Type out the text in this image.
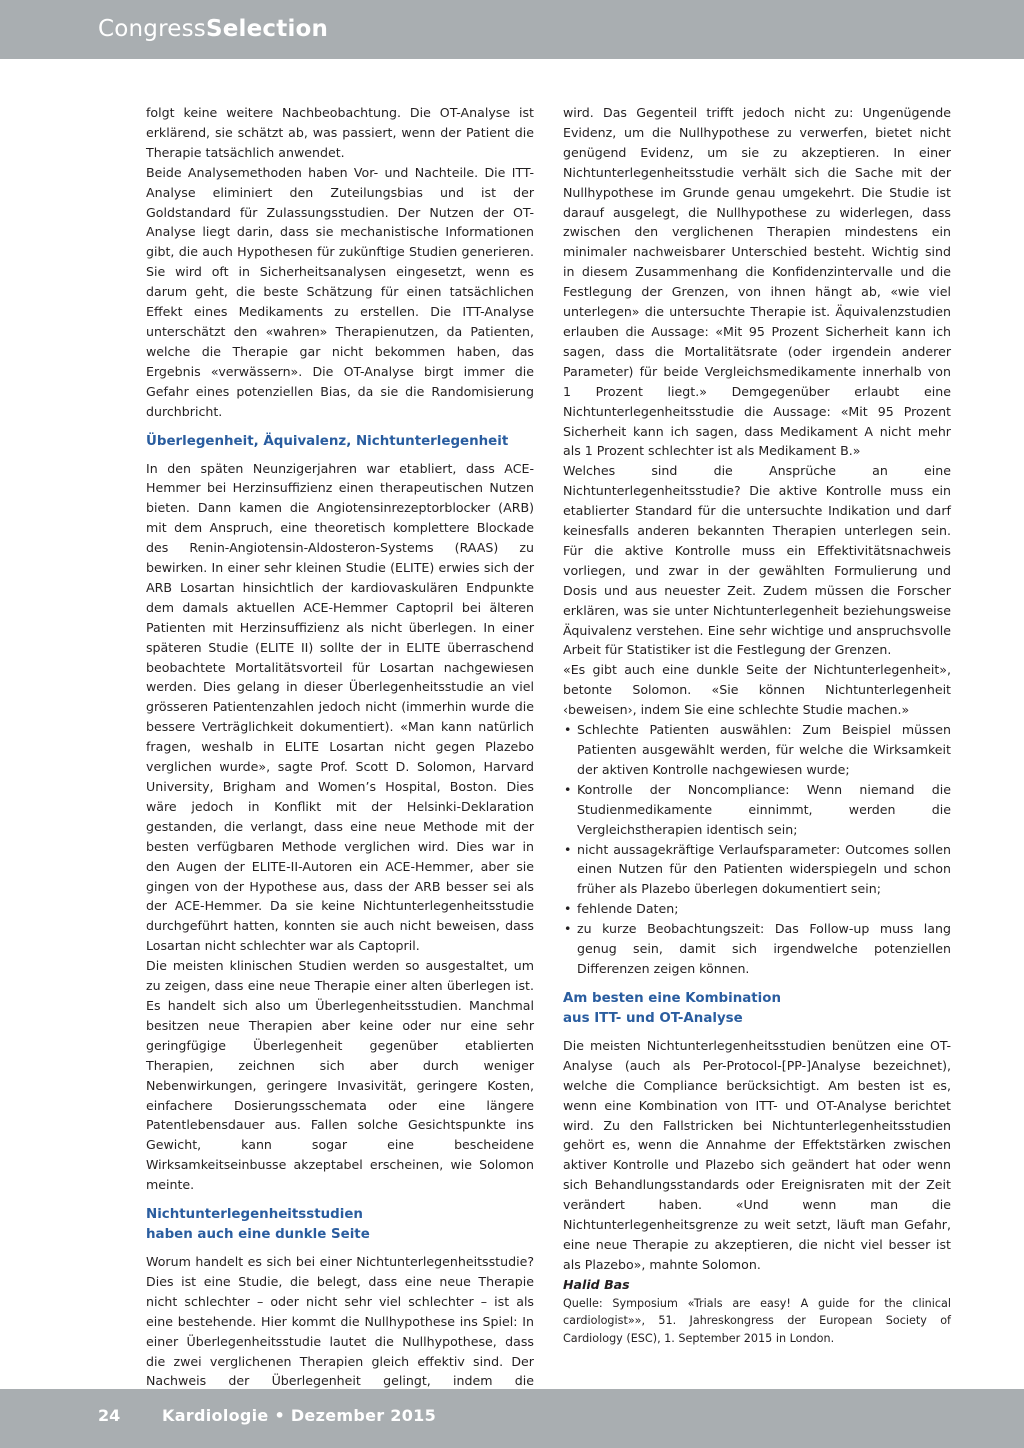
CongressSelection

folgt keine weitere Nachbeobachtung. Die OT-Analyse ist erklärend, sie schätzt ab, was passiert, wenn der Patient die Therapie tatsächlich anwendet.

Beide Analysemethoden haben Vor- und Nachteile. Die ITT-Analyse eliminiert den Zuteilungsbias und ist der Goldstandard für Zulassungsstudien. Der Nutzen der OT-Analyse liegt darin, dass sie mechanistische Informationen gibt, die auch Hypothesen für zukünftige Studien generieren. Sie wird oft in Sicherheitsanalysen eingesetzt, wenn es darum geht, die beste Schätzung für einen tatsächlichen Effekt eines Medikaments zu erstellen. Die ITT-Analyse unterschätzt den «wahren» Therapienutzen, da Patienten, welche die Therapie gar nicht bekommen haben, das Ergebnis «verwässern». Die OT-Analyse birgt immer die Gefahr eines potenziellen Bias, da sie die Randomisierung durchbricht.

Überlegenheit, Äquivalenz, Nichtunterlegenheit

In den späten Neunzigerjahren war etabliert, dass ACE-Hemmer bei Herzinsuffizienz einen therapeutischen Nutzen bieten. Dann kamen die Angiotensinrezeptorblocker (ARB) mit dem Anspruch, eine theoretisch komplettere Blockade des Renin-Angiotensin-Aldosteron-Systems (RAAS) zu bewirken. In einer sehr kleinen Studie (ELITE) erwies sich der ARB Losartan hinsichtlich der kardiovaskulären Endpunkte dem damals aktuellen ACE-Hemmer Captopril bei älteren Patienten mit Herzinsuffizienz als nicht überlegen. In einer späteren Studie (ELITE II) sollte der in ELITE überraschend beobachtete Mortalitätsvorteil für Losartan nachgewiesen werden. Dies gelang in dieser Überlegenheitsstudie an viel grösseren Patientenzahlen jedoch nicht (immerhin wurde die bessere Verträglichkeit dokumentiert). «Man kann natürlich fragen, weshalb in ELITE Losartan nicht gegen Plazebo verglichen wurde», sagte Prof. Scott D. Solomon, Harvard University, Brigham and Women’s Hospital, Boston. Dies wäre jedoch in Konflikt mit der Helsinki-Deklaration gestanden, die verlangt, dass eine neue Methode mit der besten verfügbaren Methode verglichen wird. Dies war in den Augen der ELITE-II-Autoren ein ACE-Hemmer, aber sie gingen von der Hypothese aus, dass der ARB besser sei als der ACE-Hemmer. Da sie keine Nichtunterlegenheitsstudie durchgeführt hatten, konnten sie auch nicht beweisen, dass Losartan nicht schlechter war als Captopril.

Die meisten klinischen Studien werden so ausgestaltet, um zu zeigen, dass eine neue Therapie einer alten überlegen ist. Es handelt sich also um Überlegenheitsstudien. Manchmal besitzen neue Therapien aber keine oder nur eine sehr geringfügige Überlegenheit gegenüber etablierten Therapien, zeichnen sich aber durch weniger Nebenwirkungen, geringere Invasivität, geringere Kosten, einfachere Dosierungsschemata oder eine längere Patentlebensdauer aus. Fallen solche Gesichtspunkte ins Gewicht, kann sogar eine bescheidene Wirksamkeitseinbusse akzeptabel erscheinen, wie Solomon meinte.

Nichtunterlegenheitsstudien
haben auch eine dunkle Seite

Worum handelt es sich bei einer Nichtunterlegenheitsstudie? Dies ist eine Studie, die belegt, dass eine neue Therapie nicht schlechter – oder nicht sehr viel schlechter – ist als eine bestehende. Hier kommt die Nullhypothese ins Spiel: In einer Überlegenheitsstudie lautet die Nullhypothese, dass die zwei verglichenen Therapien gleich effektiv sind. Der Nachweis der Überlegenheit gelingt, indem die

wird. Das Gegenteil trifft jedoch nicht zu: Ungenügende Evidenz, um die Nullhypothese zu verwerfen, bietet nicht genügend Evidenz, um sie zu akzeptieren. In einer Nichtunterlegenheitsstudie verhält sich die Sache mit der Nullhypothese im Grunde genau umgekehrt. Die Studie ist darauf ausgelegt, die Nullhypothese zu widerlegen, dass zwischen den verglichenen Therapien mindestens ein minimaler nachweisbarer Unterschied besteht. Wichtig sind in diesem Zusammenhang die Konfidenzintervalle und die Festlegung der Grenzen, von ihnen hängt ab, «wie viel unterlegen» die untersuchte Therapie ist. Äquivalenzstudien erlauben die Aussage: «Mit 95 Prozent Sicherheit kann ich sagen, dass die Mortalitätsrate (oder irgendein anderer Parameter) für beide Vergleichsmedikamente innerhalb von 1 Prozent liegt.» Demgegenüber erlaubt eine Nichtunterlegenheitsstudie die Aussage: «Mit 95 Prozent Sicherheit kann ich sagen, dass Medikament A nicht mehr als 1 Prozent schlechter ist als Medikament B.»

Welches sind die Ansprüche an eine Nichtunterlegenheitsstudie? Die aktive Kontrolle muss ein etablierter Standard für die untersuchte Indikation und darf keinesfalls anderen bekannten Therapien unterlegen sein. Für die aktive Kontrolle muss ein Effektivitätsnachweis vorliegen, und zwar in der gewählten Formulierung und Dosis und aus neuester Zeit. Zudem müssen die Forscher erklären, was sie unter Nichtunterlegenheit beziehungsweise Äquivalenz verstehen. Eine sehr wichtige und anspruchsvolle Arbeit für Statistiker ist die Festlegung der Grenzen.

«Es gibt auch eine dunkle Seite der Nichtunterlegenheit», betonte Solomon. «Sie können Nichtunterlegenheit ‹beweisen›, indem Sie eine schlechte Studie machen.»

• Schlechte Patienten auswählen: Zum Beispiel müssen Patienten ausgewählt werden, für welche die Wirksamkeit der aktiven Kontrolle nachgewiesen wurde;
• Kontrolle der Noncompliance: Wenn niemand die Studienmedikamente einnimmt, werden die Vergleichstherapien identisch sein;
• nicht aussagekräftige Verlaufsparameter: Outcomes sollen einen Nutzen für den Patienten widerspiegeln und schon früher als Plazebo überlegen dokumentiert sein;
• fehlende Daten;
• zu kurze Beobachtungszeit: Das Follow-up muss lang genug sein, damit sich irgendwelche potenziellen Differenzen zeigen können.
Am besten eine Kombination
aus ITT- und OT-Analyse

Die meisten Nichtunterlegenheitsstudien benützen eine OT-Analyse (auch als Per-Protocol-[PP-]Analyse bezeichnet), welche die Compliance berücksichtigt. Am besten ist es, wenn eine Kombination von ITT- und OT-Analyse berichtet wird. Zu den Fallstricken bei Nichtunterlegenheitsstudien gehört es, wenn die Annahme der Effektstärken zwischen aktiver Kontrolle und Plazebo sich geändert hat oder wenn sich Behandlungsstandards oder Ereignisraten mit der Zeit verändert haben. «Und wenn man die Nichtunterlegenheitsgrenze zu weit setzt, läuft man Gefahr, eine neue Therapie zu akzeptieren, die nicht viel besser ist als Plazebo», mahnte Solomon.

Halid Bas

Quelle: Symposium «Trials are easy! A guide for the clinical cardiologist»», 51. Jahreskongress der European Society of Cardiology (ESC), 1. September 2015 in London.

24	Kardiologie • Dezember 2015
